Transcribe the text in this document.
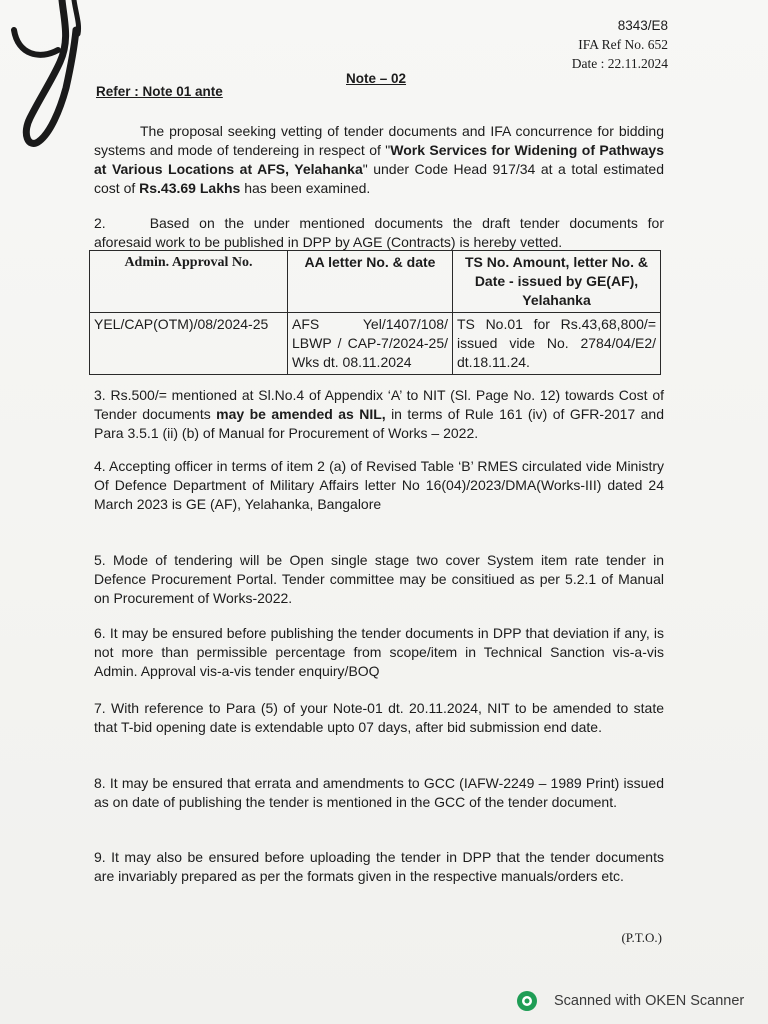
8343/E8
IFA Ref No. 652
Date : 22.11.2024
Note – 02
Refer : Note 01 ante
The proposal seeking vetting of tender documents and IFA concurrence for bidding systems and mode of tendereing in respect of "Work Services for Widening of Pathways at Various Locations at AFS, Yelahanka" under Code Head 917/34 at a total estimated cost of Rs.43.69 Lakhs has been examined.
2.	Based on the under mentioned documents the draft tender documents for aforesaid work to be published in DPP by AGE (Contracts) is hereby vetted.
Admin. Approval No.	AA letter No. & date	TS No. Amount, letter No. & Date - issued by GE(AF), Yelahanka
YEL/CAP(OTM)/08/2024-25	AFS Yel/1407/108/ LBWP / CAP-7/2024-25/ Wks dt. 08.11.2024	TS No.01 for Rs.43,68,800/= issued vide No. 2784/04/E2/ dt.18.11.24.
3. Rs.500/= mentioned at Sl.No.4 of Appendix ‘A’ to NIT (Sl. Page No. 12) towards Cost of Tender documents may be amended as NIL, in terms of Rule 161 (iv) of GFR-2017 and Para 3.5.1 (ii) (b) of Manual for Procurement of Works – 2022.
4. Accepting officer in terms of item 2 (a) of Revised Table ‘B’ RMES circulated vide Ministry Of Defence Department of Military Affairs letter No 16(04)/2023/DMA(Works-III) dated 24 March 2023 is GE (AF), Yelahanka, Bangalore
5. Mode of tendering will be Open single stage two cover System item rate tender in Defence Procurement Portal. Tender committee may be consitiued as per 5.2.1 of Manual on Procurement of Works-2022.
6. It may be ensured before publishing the tender documents in DPP that deviation if any, is not more than permissible percentage from scope/item in Technical Sanction vis-a-vis Admin. Approval vis-a-vis tender enquiry/BOQ
7. With reference to Para (5) of your Note-01 dt. 20.11.2024, NIT to be amended to state that T-bid opening date is extendable upto 07 days, after bid submission end date.
8. It may be ensured that errata and amendments to GCC (IAFW-2249 – 1989 Print) issued as on date of publishing the tender is mentioned in the GCC of the tender document.
9. It may also be ensured before uploading the tender in DPP that the tender documents are invariably prepared as per the formats given in the respective manuals/orders etc.
(P.T.O.)
Scanned with OKEN Scanner
